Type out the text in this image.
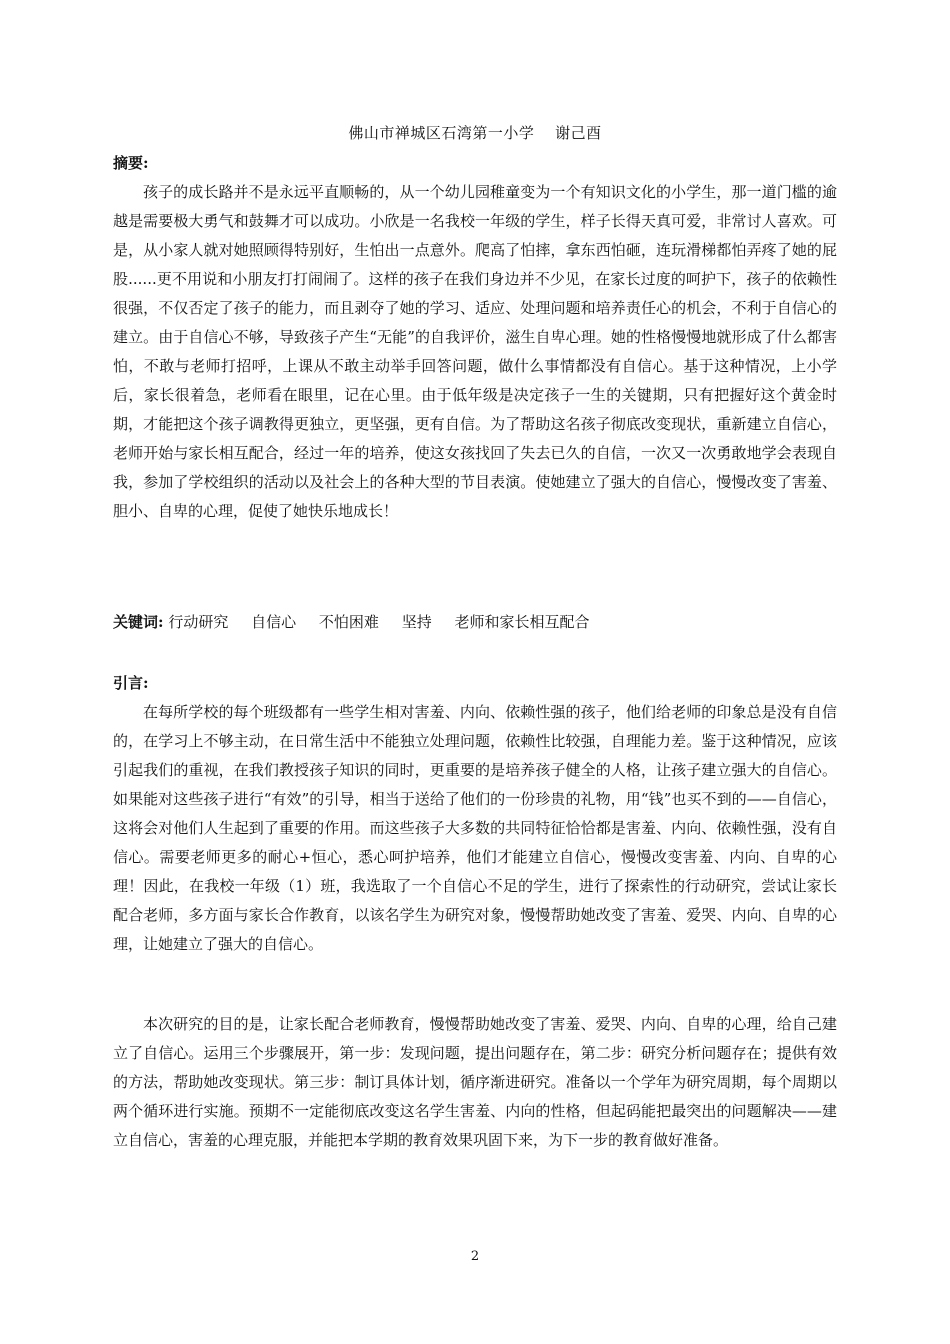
佛山市禅城区石湾第一小学　 谢己酉
摘要:
孩子的成长路并不是永远平直顺畅的，从一个幼儿园稚童变为一个有知识文化的小学生，那一道门槛的逾越是需要极大勇气和鼓舞才可以成功。小欣是一名我校一年级的学生，样子长得天真可爱，非常讨人喜欢。可是，从小家人就对她照顾得特别好，生怕出一点意外。爬高了怕摔，拿东西怕砸，连玩滑梯都怕弄疼了她的屁股......更不用说和小朋友打打闹闹了。这样的孩子在我们身边并不少见，在家长过度的呵护下，孩子的依赖性很强，不仅否定了孩子的能力，而且剥夺了她的学习、适应、处理问题和培养责任心的机会，不利于自信心的建立。由于自信心不够，导致孩子产生“无能”的自我评价，滋生自卑心理。她的性格慢慢地就形成了什么都害怕，不敢与老师打招呼，上课从不敢主动举手回答问题，做什么事情都没有自信心。基于这种情况，上小学后，家长很着急，老师看在眼里，记在心里。由于低年级是决定孩子一生的关键期，只有把握好这个黄金时期，才能把这个孩子调教得更独立，更坚强，更有自信。为了帮助这名孩子彻底改变现状，重新建立自信心，老师开始与家长相互配合，经过一年的培养，使这女孩找回了失去已久的自信，一次又一次勇敢地学会表现自我，参加了学校组织的活动以及社会上的各种大型的节目表演。使她建立了强大的自信心，慢慢改变了害羞、胆小、自卑的心理，促使了她快乐地成长！
关键词: 行动研究 自信心 不怕困难 坚持 老师和家长相互配合
引言:
在每所学校的每个班级都有一些学生相对害羞、内向、依赖性强的孩子，他们给老师的印象总是没有自信的，在学习上不够主动，在日常生活中不能独立处理问题，依赖性比较强，自理能力差。鉴于这种情况，应该引起我们的重视，在我们教授孩子知识的同时，更重要的是培养孩子健全的人格，让孩子建立强大的自信心。如果能对这些孩子进行“有效”的引导，相当于送给了他们的一份珍贵的礼物，用“钱”也买不到的——自信心，这将会对他们人生起到了重要的作用。而这些孩子大多数的共同特征恰恰都是害羞、内向、依赖性强，没有自信心。需要老师更多的耐心+恒心，悉心呵护培养，他们才能建立自信心，慢慢改变害羞、内向、自卑的心理！因此，在我校一年级（1）班，我选取了一个自信心不足的学生，进行了探索性的行动研究，尝试让家长配合老师，多方面与家长合作教育，以该名学生为研究对象，慢慢帮助她改变了害羞、爱哭、内向、自卑的心理，让她建立了强大的自信心。
本次研究的目的是，让家长配合老师教育，慢慢帮助她改变了害羞、爱哭、内向、自卑的心理，给自己建立了自信心。运用三个步骤展开，第一步：发现问题，提出问题存在，第二步：研究分析问题存在；提供有效的方法，帮助她改变现状。第三步：制订具体计划，循序渐进研究。准备以一个学年为研究周期，每个周期以两个循环进行实施。预期不一定能彻底改变这名学生害羞、内向的性格，但起码能把最突出的问题解决——建立自信心，害羞的心理克服，并能把本学期的教育效果巩固下来，为下一步的教育做好准备。
2
